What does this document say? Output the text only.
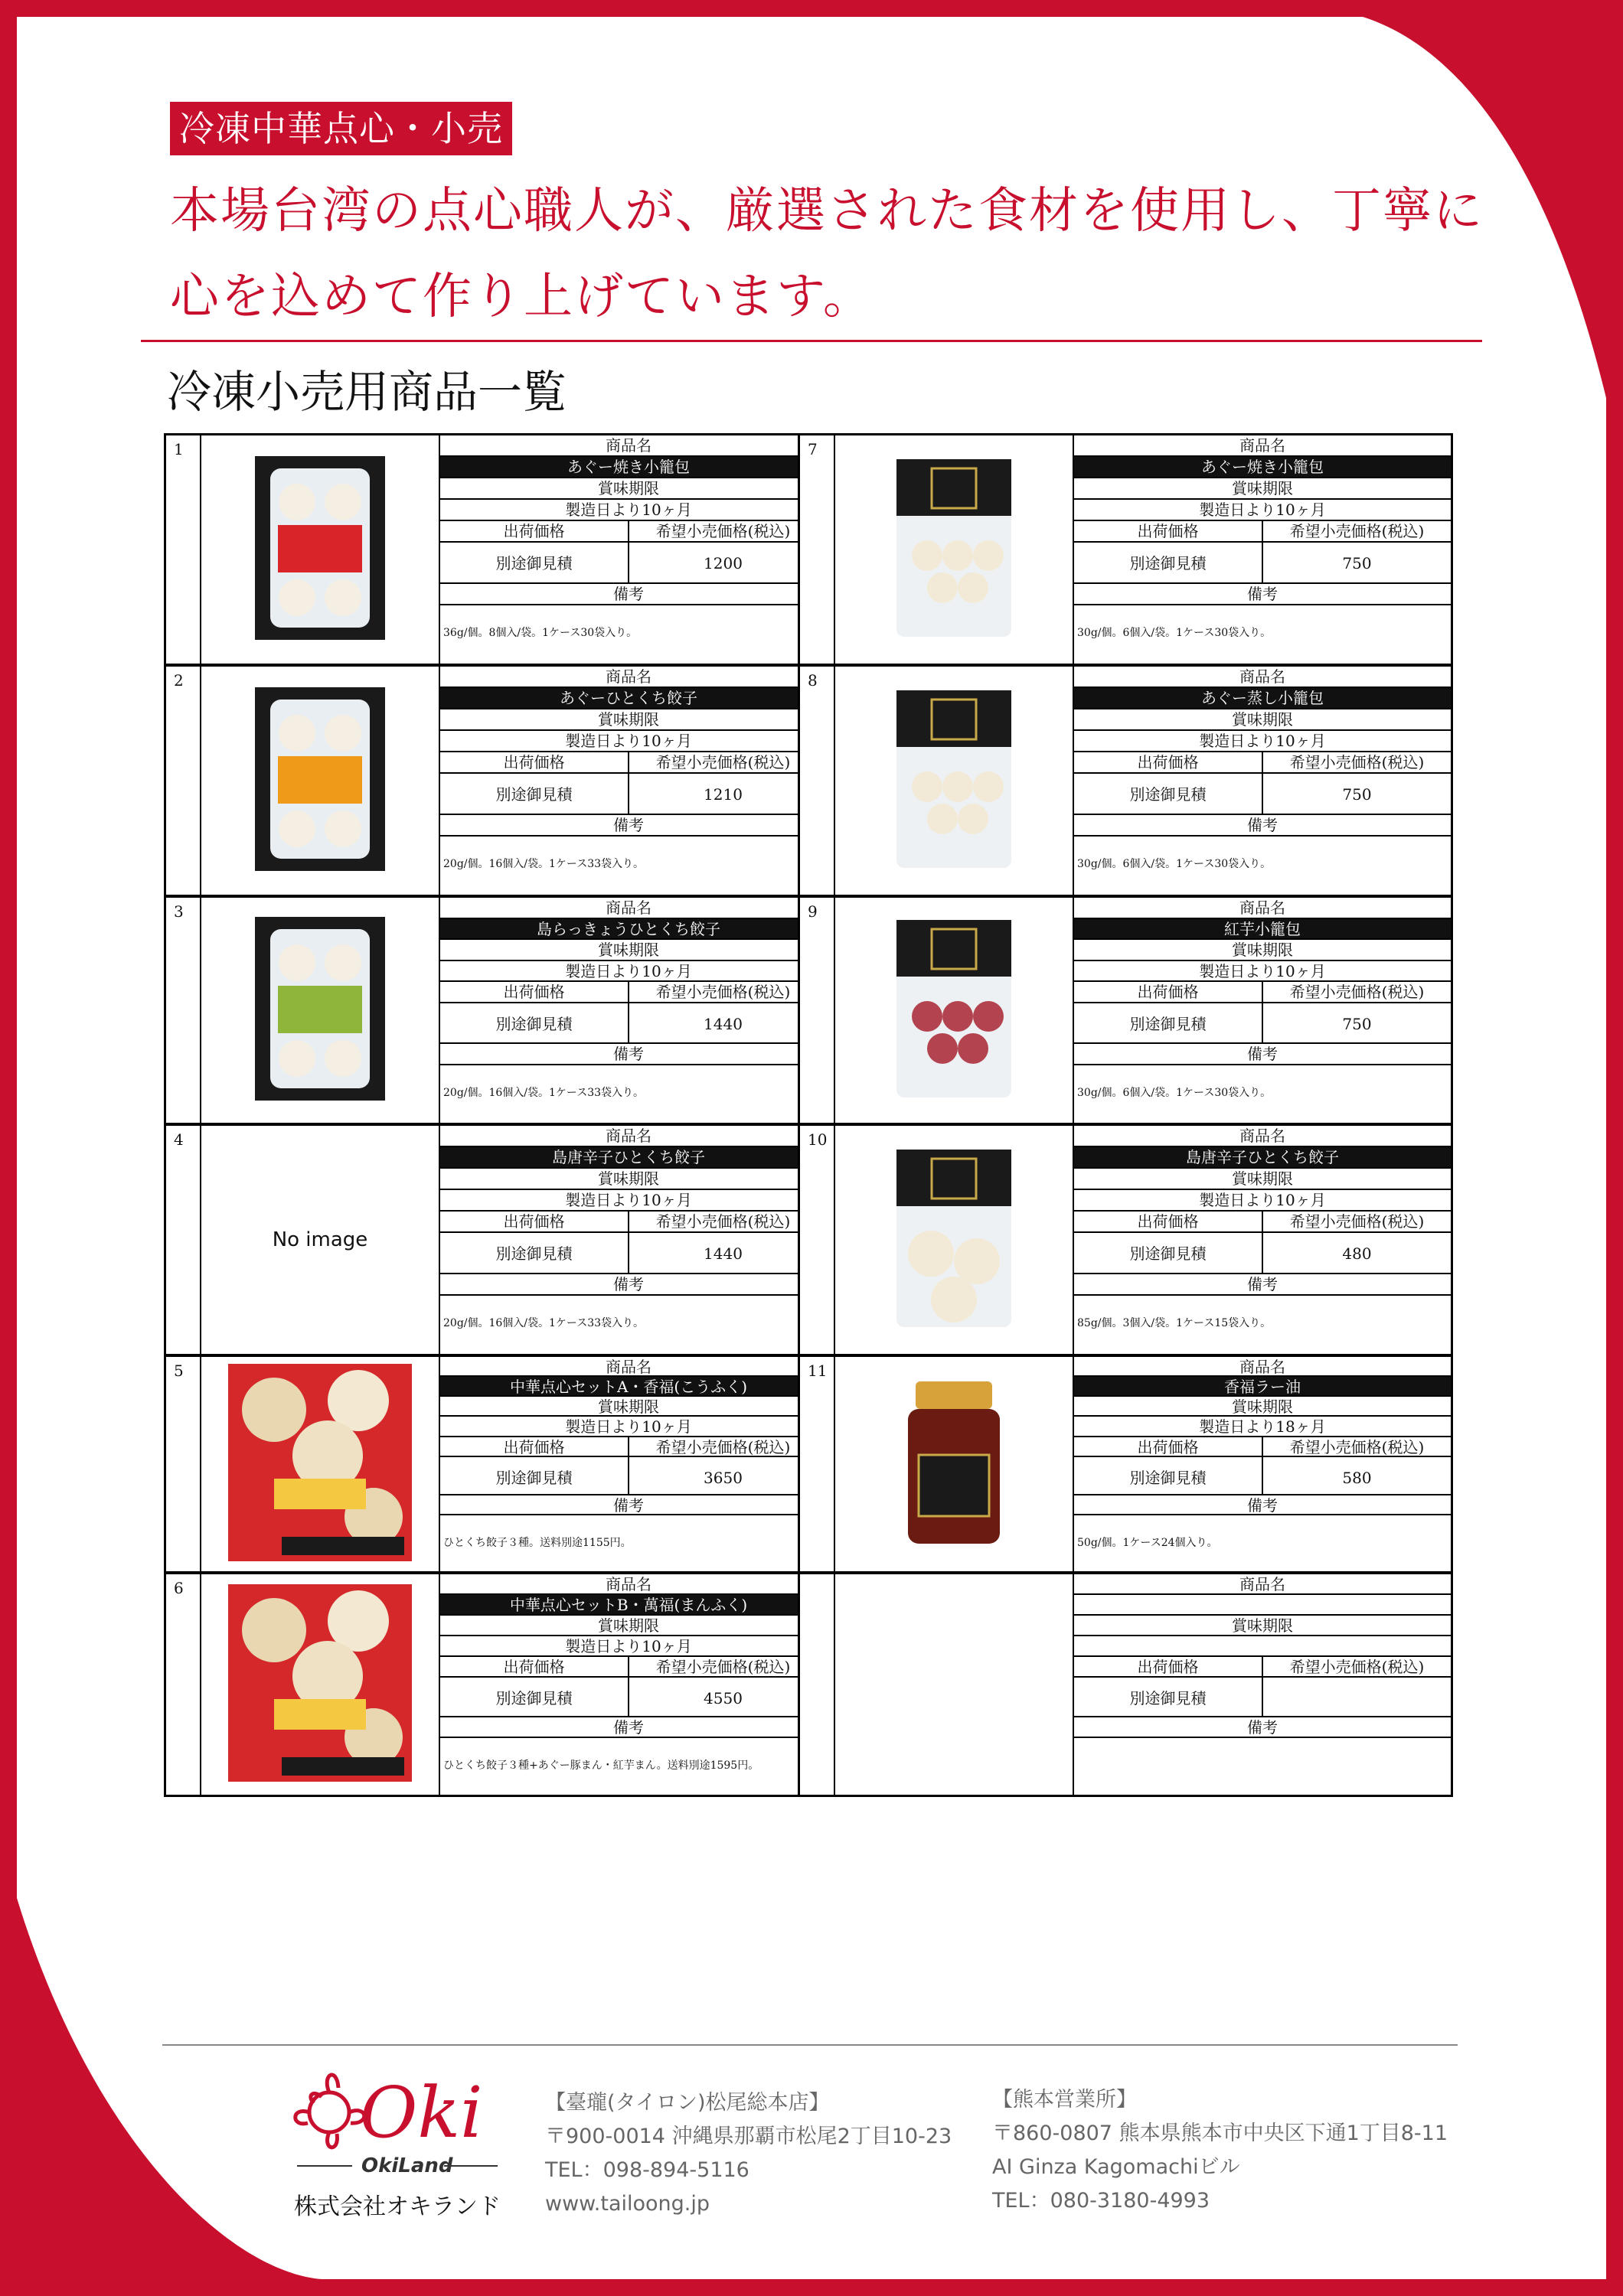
冷凍中華点心・小売
本場台湾の点心職人が、厳選された食材を使用し、丁寧に心を込めて作り上げています。
冷凍小売用商品一覧
1	商品名
あぐー焼き小籠包
賞味期限
製造日より10ヶ月
出荷価格	希望小売価格(税込)
別途御見積	1200
備考
36g/個。8個入/袋。1ケース30袋入り。
2	商品名
あぐーひとくち餃子
賞味期限
製造日より10ヶ月
出荷価格	希望小売価格(税込)
別途御見積	1210
備考
20g/個。16個入/袋。1ケース33袋入り。
3	商品名
島らっきょうひとくち餃子
賞味期限
製造日より10ヶ月
出荷価格	希望小売価格(税込)
別途御見積	1440
備考
20g/個。16個入/袋。1ケース33袋入り。
4
No image
商品名
島唐辛子ひとくち餃子
賞味期限
製造日より10ヶ月
出荷価格	希望小売価格(税込)
別途御見積	1440
備考
20g/個。16個入/袋。1ケース33袋入り。
5	商品名
中華点心セットA・香福(こうふく)
賞味期限
製造日より10ヶ月
出荷価格	希望小売価格(税込)
別途御見積	3650
備考
ひとくち餃子３種。送料別途1155円。
6	商品名
中華点心セットB・萬福(まんふく)
賞味期限
製造日より10ヶ月
出荷価格	希望小売価格(税込)
別途御見積	4550
備考
ひとくち餃子３種+あぐー豚まん・紅芋まん。送料別途1595円。
7	商品名
あぐー焼き小籠包
賞味期限
製造日より10ヶ月
出荷価格	希望小売価格(税込)
別途御見積	750
備考
30g/個。6個入/袋。1ケース30袋入り。
8	商品名
あぐー蒸し小籠包
賞味期限
製造日より10ヶ月
出荷価格	希望小売価格(税込)
別途御見積	750
備考
30g/個。6個入/袋。1ケース30袋入り。
9	商品名
紅芋小籠包
賞味期限
製造日より10ヶ月
出荷価格	希望小売価格(税込)
別途御見積	750
備考
30g/個。6個入/袋。1ケース30袋入り。
10	商品名
島唐辛子ひとくち餃子
賞味期限
製造日より10ヶ月
出荷価格	希望小売価格(税込)
別途御見積	480
備考
85g/個。3個入/袋。1ケース15袋入り。
11	商品名
香福ラー油
賞味期限
製造日より18ヶ月
出荷価格	希望小売価格(税込)
別途御見積	580
備考
50g/個。1ケース24個入り。
商品名
賞味期限
出荷価格	希望小売価格(税込)
別途御見積
備考
Oki
OkiLand
株式会社オキランド
【臺瓏(タイロン)松尾総本店】
〒900-0014 沖縄県那覇市松尾2丁目10-23
TEL：098-894-5116
www.tailoong.jp
【熊本営業所】
〒860-0807 熊本県熊本市中央区下通1丁目8-11
AI Ginza Kagomachiビル
TEL：080-3180-4993
